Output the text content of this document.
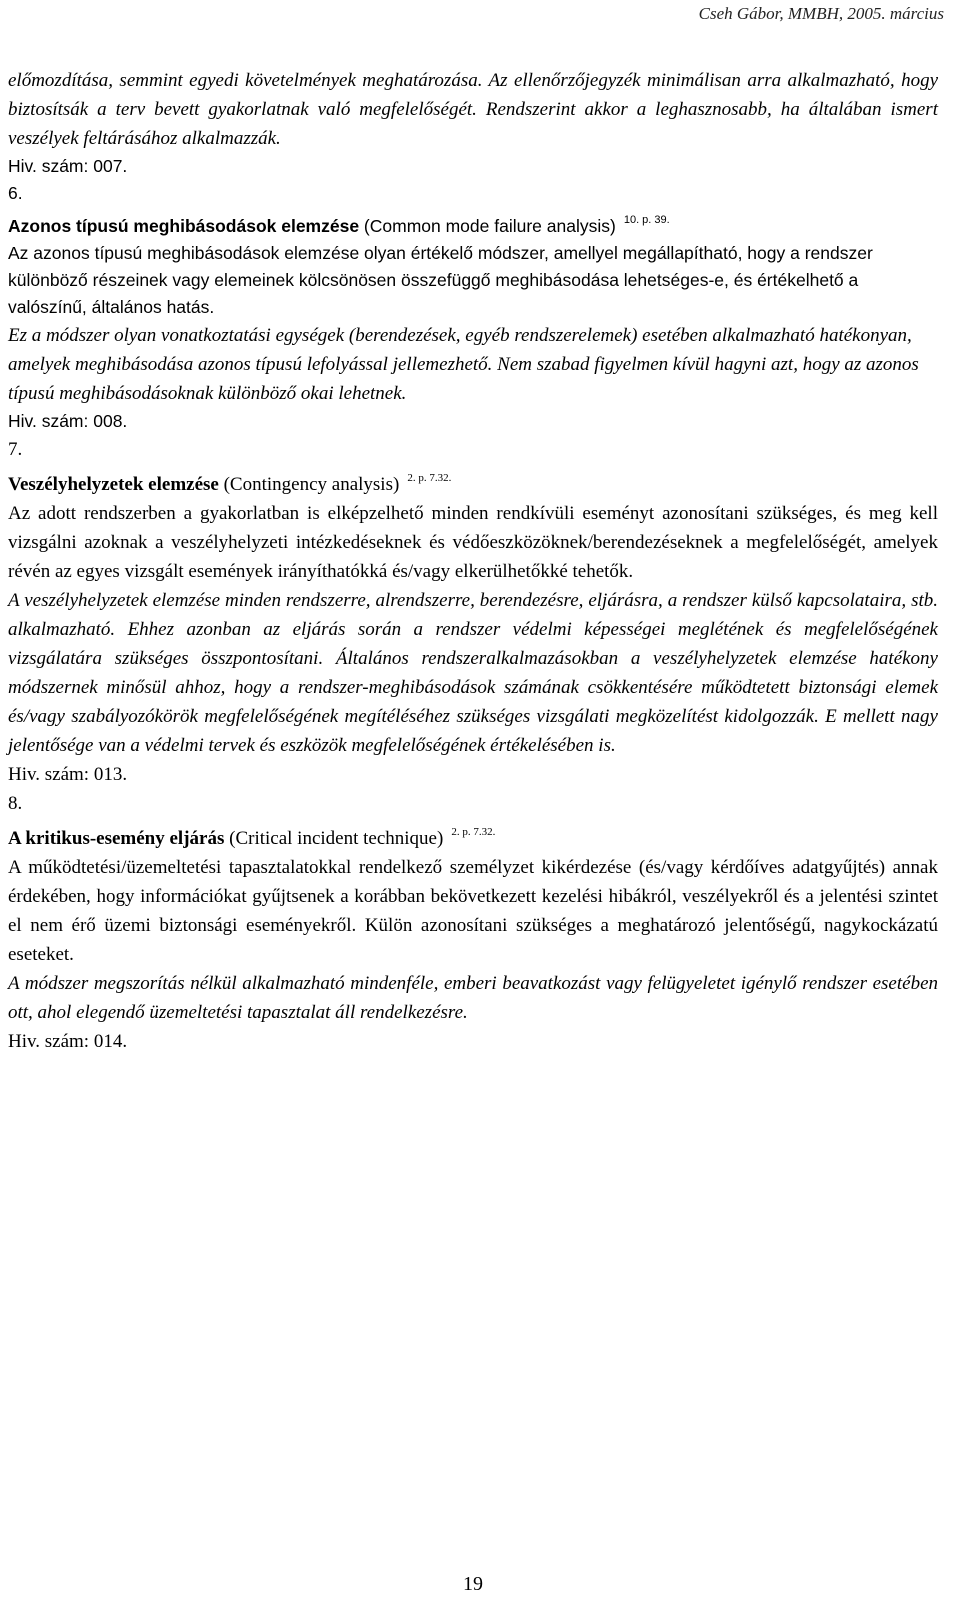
Cseh Gábor, MMBH, 2005. március

előmozdítása, semmint egyedi követelmények meghatározása. Az ellenőrzőjegyzék minimálisan arra alkalmazható, hogy biztosítsák a terv bevett gyakorlatnak való megfelelőségét. Rendszerint akkor a leghasznosabb, ha általában ismert veszélyek feltárásához alkalmazzák.

Hiv. szám: 007.

6.

Azonos típusú meghibásodások elemzése (Common mode failure analysis) $^{10. p. 39.}$

Az azonos típusú meghibásodások elemzése olyan értékelő módszer, amellyel megállapítható, hogy a rendszer különböző részeinek vagy elemeinek kölcsönösen összefüggő meghibásodása lehetséges-e, és értékelhető a valószínű, általános hatás.

Ez a módszer olyan vonatkoztatási egységek (berendezések, egyéb rendszerelemek) esetében alkalmazható hatékonyan, amelyek meghibásodása azonos típusú lefolyással jellemezhető. Nem szabad figyelmen kívül hagyni azt, hogy az azonos típusú meghibásodásoknak különböző okai lehetnek.

Hiv. szám: 008.

7.

Veszélyhelyzetek elemzése (Contingency analysis) $^{2. p. 7.32.}$

Az adott rendszerben a gyakorlatban is elképzelhető minden rendkívüli eseményt azonosítani szükséges, és meg kell vizsgálni azoknak a veszélyhelyzeti intézkedéseknek és védőeszközöknek/berendezéseknek a megfelelőségét, amelyek révén az egyes vizsgált események irányíthatókká és/vagy elkerülhetőkké tehetők.

A veszélyhelyzetek elemzése minden rendszerre, alrendszerre, berendezésre, eljárásra, a rendszer külső kapcsolataira, stb. alkalmazható. Ehhez azonban az eljárás során a rendszer védelmi képességei meglétének és megfelelőségének vizsgálatára szükséges összpontosítani. Általános rendszeralkalmazásokban a veszélyhelyzetek elemzése hatékony módszernek minősül ahhoz, hogy a rendszer-meghibásodások számának csökkentésére működtetett biztonsági elemek és/vagy szabályozókörök megfelelőségének megítéléséhez szükséges vizsgálati megközelítést kidolgozzák. E mellett nagy jelentősége van a védelmi tervek és eszközök megfelelőségének értékelésében is.

Hiv. szám: 013.

8.

A kritikus-esemény eljárás (Critical incident technique) $^{2. p. 7.32.}$

A működtetési/üzemeltetési tapasztalatokkal rendelkező személyzet kikérdezése (és/vagy kérdőíves adatgyűjtés) annak érdekében, hogy információkat gyűjtsenek a korábban bekövetkezett kezelési hibákról, veszélyekről és a jelentési szintet el nem érő üzemi biztonsági eseményekről. Külön azonosítani szükséges a meghatározó jelentőségű, nagykockázatú eseteket.

A módszer megszorítás nélkül alkalmazható mindenféle, emberi beavatkozást vagy felügyeletet igénylő rendszer esetében ott, ahol elegendő üzemeltetési tapasztalat áll rendelkezésre.

Hiv. szám: 014.

19
